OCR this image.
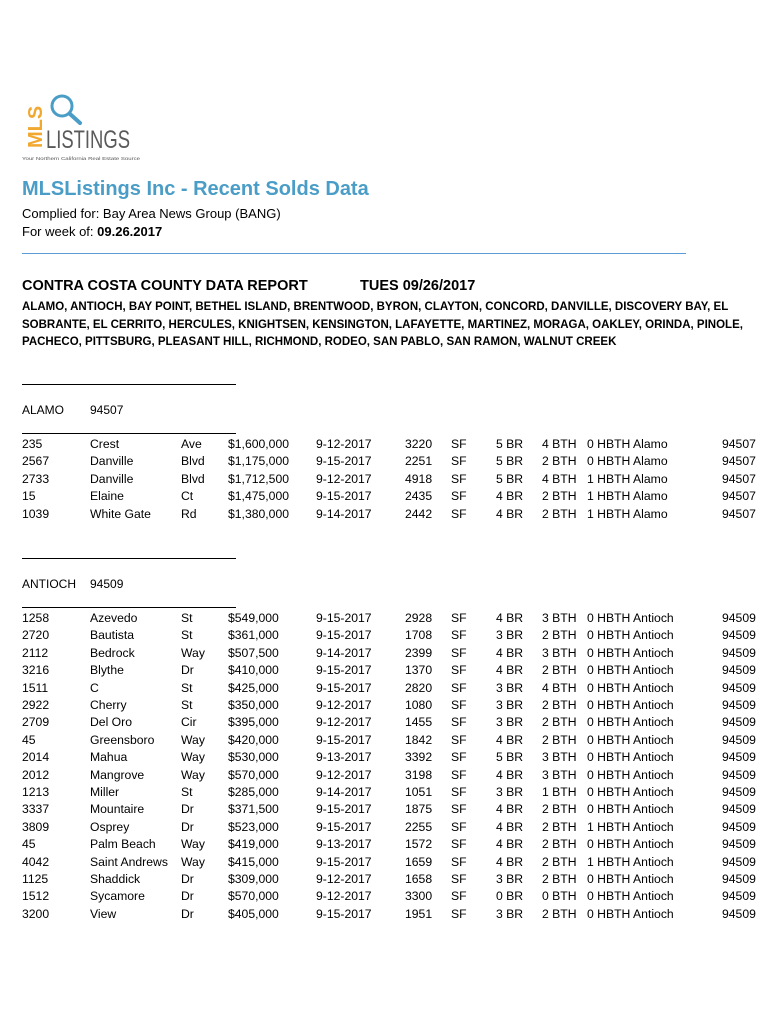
MLS LISTINGS
Your Northern California Real Estate Source
MLSListings Inc - Recent Solds Data
Complied for: Bay Area News Group (BANG)
For week of: 09.26.2017
CONTRA COSTA COUNTY DATA REPORT	TUES 09/26/2017
ALAMO, ANTIOCH, BAY POINT, BETHEL ISLAND, BRENTWOOD, BYRON, CLAYTON, CONCORD, DANVILLE, DISCOVERY BAY, EL SOBRANTE, EL CERRITO, HERCULES, KNIGHTSEN, KENSINGTON, LAFAYETTE, MARTINEZ, MORAGA, OAKLEY, ORINDA, PINOLE, PACHECO, PITTSBURG, PLEASANT HILL, RICHMOND, RODEO, SAN PABLO, SAN RAMON, WALNUT CREEK
ALAMO 94507
235	Crest	Ave $1,600,000 9-12-2017	3220 SF 5 BR 4 BTH 0 HBTH Alamo	94507
2567	Danville	Blvd $1,175,000 9-15-2017	2251 SF 5 BR 2 BTH 0 HBTH Alamo	94507
2733	Danville	Blvd $1,712,500 9-12-2017	4918 SF 5 BR 4 BTH 1 HBTH Alamo	94507
15	Elaine	Ct	$1,475,000 9-15-2017	2435 SF 4 BR 2 BTH 1 HBTH Alamo	94507
1039	White Gate Rd	$1,380,000 9-14-2017	2442 SF 4 BR 2 BTH 1 HBTH Alamo	94507
ANTIOCH 94509
1258	Azevedo	St	$549,000	9-15-2017	2928 SF 4 BR 3 BTH 0 HBTH Antioch	94509
2720	Bautista	St	$361,000	9-15-2017	1708 SF 3 BR 2 BTH 0 HBTH Antioch	94509
2112	Bedrock	Way $507,500	9-14-2017	2399 SF 4 BR 3 BTH 0 HBTH Antioch	94509
3216	Blythe	Dr	$410,000	9-15-2017	1370 SF 4 BR 2 BTH 0 HBTH Antioch	94509
1511	C	St	$425,000	9-15-2017	2820 SF 3 BR 4 BTH 0 HBTH Antioch	94509
2922	Cherry	St	$350,000	9-12-2017	1080 SF 3 BR 2 BTH 0 HBTH Antioch	94509
2709	Del Oro	Cir	$395,000	9-12-2017	1455 SF 3 BR 2 BTH 0 HBTH Antioch	94509
45	Greensboro Way $420,000	9-15-2017	1842 SF 4 BR 2 BTH 0 HBTH Antioch	94509
2014	Mahua	Way $530,000	9-13-2017	3392 SF 5 BR 3 BTH 0 HBTH Antioch	94509
2012	Mangrove	Way $570,000	9-12-2017	3198 SF 4 BR 3 BTH 0 HBTH Antioch	94509
1213	Miller	St	$285,000	9-14-2017	1051 SF 3 BR 1 BTH 0 HBTH Antioch	94509
3337	Mountaire	Dr	$371,500	9-15-2017	1875 SF 4 BR 2 BTH 0 HBTH Antioch	94509
3809	Osprey	Dr	$523,000	9-15-2017	2255 SF 4 BR 2 BTH 1 HBTH Antioch	94509
45	Palm Beach Way $419,000	9-13-2017	1572 SF 4 BR 2 BTH 0 HBTH Antioch	94509
4042	Saint Andrews Way $415,000	9-15-2017	1659 SF 4 BR 2 BTH 1 HBTH Antioch	94509
1125	Shaddick	Dr	$309,000	9-12-2017	1658 SF 3 BR 2 BTH 0 HBTH Antioch	94509
1512	Sycamore	Dr	$570,000	9-12-2017	3300 SF 0 BR 0 BTH 0 HBTH Antioch	94509
3200	View	Dr	$405,000	9-15-2017	1951 SF 3 BR 2 BTH 0 HBTH Antioch	94509
